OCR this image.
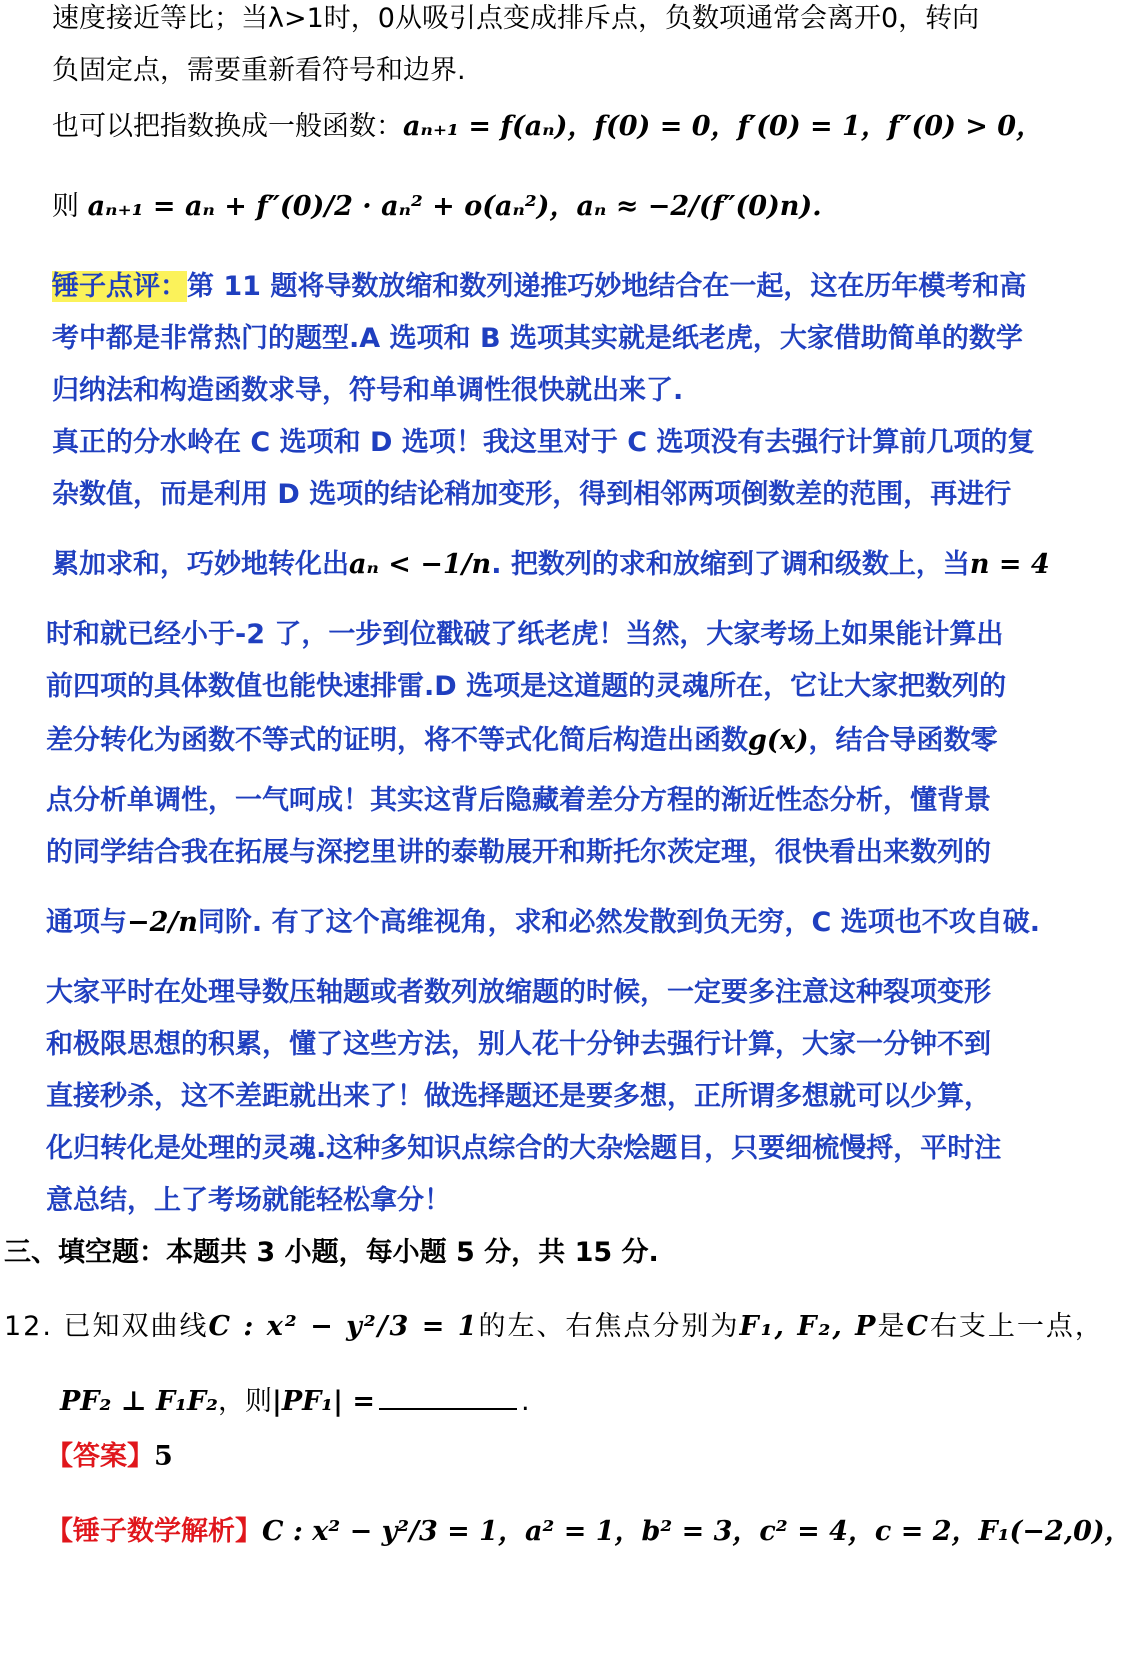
速度接近等比；当λ>1时，0从吸引点变成排斥点，负数项通常会离开0，转向
负固定点，需要重新看符号和边界.
也可以把指数换成一般函数：aₙ₊₁ = f(aₙ)，f(0) = 0，f′(0) = 1，f″(0) > 0，
则 aₙ₊₁ = aₙ + f″(0)/2 · aₙ² + o(aₙ²)，aₙ ≈ −2/(f″(0)n).
锤子点评：第 11 题将导数放缩和数列递推巧妙地结合在一起，这在历年模考和高
考中都是非常热门的题型.A 选项和 B 选项其实就是纸老虎，大家借助简单的数学
归纳法和构造函数求导，符号和单调性很快就出来了.
真正的分水岭在 C 选项和 D 选项！我这里对于 C 选项没有去强行计算前几项的复
杂数值，而是利用 D 选项的结论稍加变形，得到相邻两项倒数差的范围，再进行
累加求和，巧妙地转化出aₙ < −1/n. 把数列的求和放缩到了调和级数上，当n = 4
时和就已经小于-2 了，一步到位戳破了纸老虎！当然，大家考场上如果能计算出
前四项的具体数值也能快速排雷.D 选项是这道题的灵魂所在，它让大家把数列的
差分转化为函数不等式的证明，将不等式化简后构造出函数g(x)，结合导函数零
点分析单调性，一气呵成！其实这背后隐藏着差分方程的渐近性态分析，懂背景
的同学结合我在拓展与深挖里讲的泰勒展开和斯托尔茨定理，很快看出来数列的
通项与−2/n同阶. 有了这个高维视角，求和必然发散到负无穷，C 选项也不攻自破.
大家平时在处理导数压轴题或者数列放缩题的时候，一定要多注意这种裂项变形
和极限思想的积累，懂了这些方法，别人花十分钟去强行计算，大家一分钟不到
直接秒杀，这不差距就出来了！做选择题还是要多想，正所谓多想就可以少算，
化归转化是处理的灵魂.这种多知识点综合的大杂烩题目，只要细梳慢捋，平时注
意总结，上了考场就能轻松拿分！
三、填空题：本题共 3 小题，每小题 5 分，共 15 分.
12. 已知双曲线C : x² − y²/3 = 1的左、右焦点分别为F₁, F₂, P是C右支上一点，
PF₂ ⊥ F₁F₂，则|PF₁| =	.
【答案】5
【锤子数学解析】C : x² − y²/3 = 1，a² = 1，b² = 3，c² = 4，c = 2，F₁(−2,0)，
